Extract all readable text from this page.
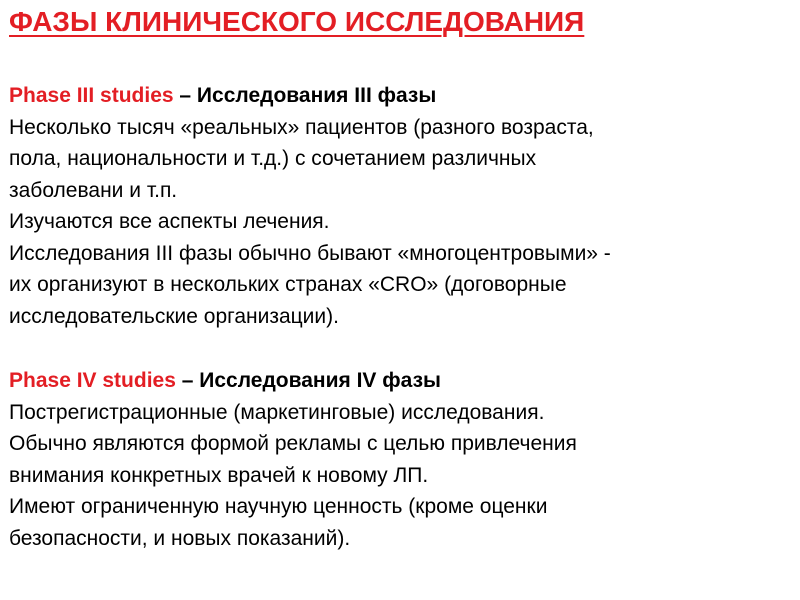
ФАЗЫ КЛИНИЧЕСКОГО ИССЛЕДОВАНИЯ
Phase III studies – Исследования III фазы
Несколько тысяч «реальных» пациентов (разного возраста,
пола, национальности и т.д.) с сочетанием различных
заболевани и т.п.
Изучаются все аспекты лечения.
Исследования III фазы обычно бывают «многоцентровыми» -
их организуют в нескольких странах «CRO» (договорные
исследовательские организации).
Phase IV studies – Исследования IV фазы
Пострегистрационные (маркетинговые) исследования.
Обычно являются формой рекламы с целью привлечения
внимания конкретных врачей к новому ЛП.
Имеют ограниченную научную ценность (кроме оценки
безопасности, и новых показаний).
